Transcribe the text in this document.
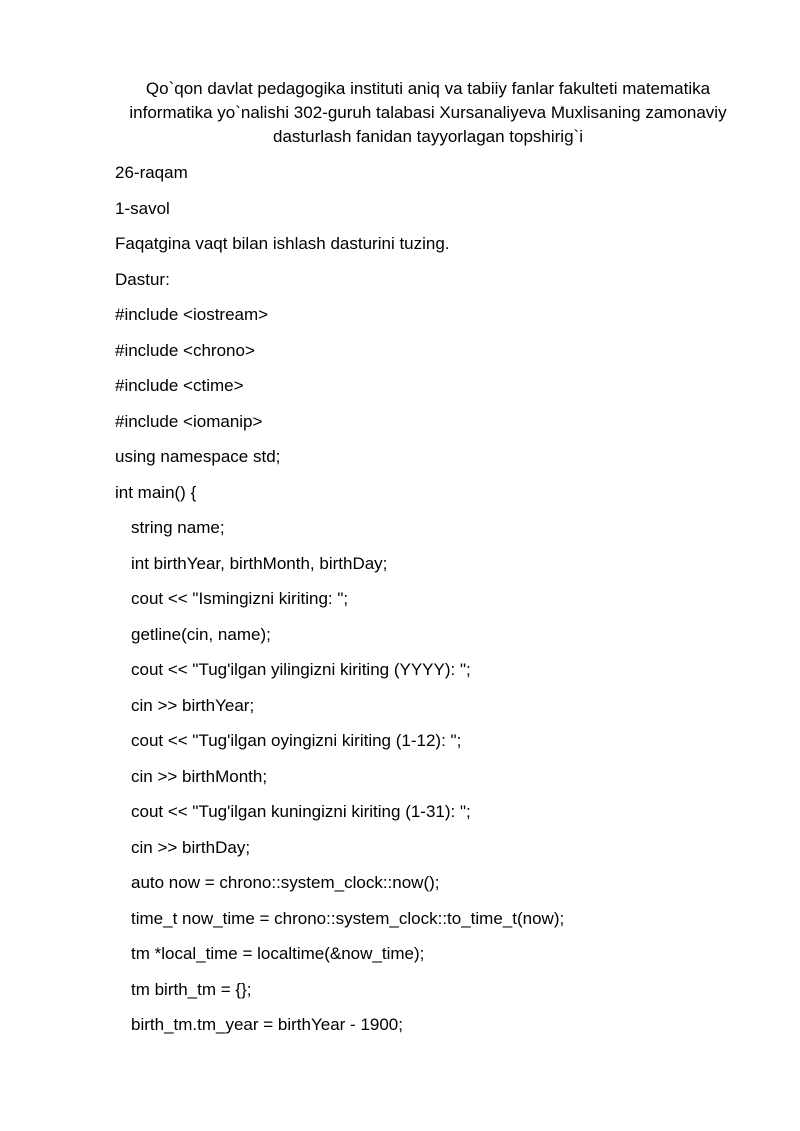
Qo`qon davlat pedagogika instituti aniq va tabiiy fanlar fakulteti matematika informatika yo`nalishi 302-guruh talabasi Xursanaliyeva Muxlisaning zamonaviy dasturlash fanidan tayyorlagan topshirig`i
26-raqam
1-savol
Faqatgina vaqt bilan ishlash dasturini tuzing.
Dastur:
#include <iostream>
#include <chrono>
#include <ctime>
#include <iomanip>
using namespace std;
int main() {
string name;
int birthYear, birthMonth, birthDay;
cout << "Ismingizni kiriting: ";
getline(cin, name);
cout << "Tug'ilgan yilingizni kiriting (YYYY): ";
cin >> birthYear;
cout << "Tug'ilgan oyingizni kiriting (1-12): ";
cin >> birthMonth;
cout << "Tug'ilgan kuningizni kiriting (1-31): ";
cin >> birthDay;
auto now = chrono::system_clock::now();
time_t now_time = chrono::system_clock::to_time_t(now);
tm *local_time = localtime(&now_time);
tm birth_tm = {};
birth_tm.tm_year = birthYear - 1900;
